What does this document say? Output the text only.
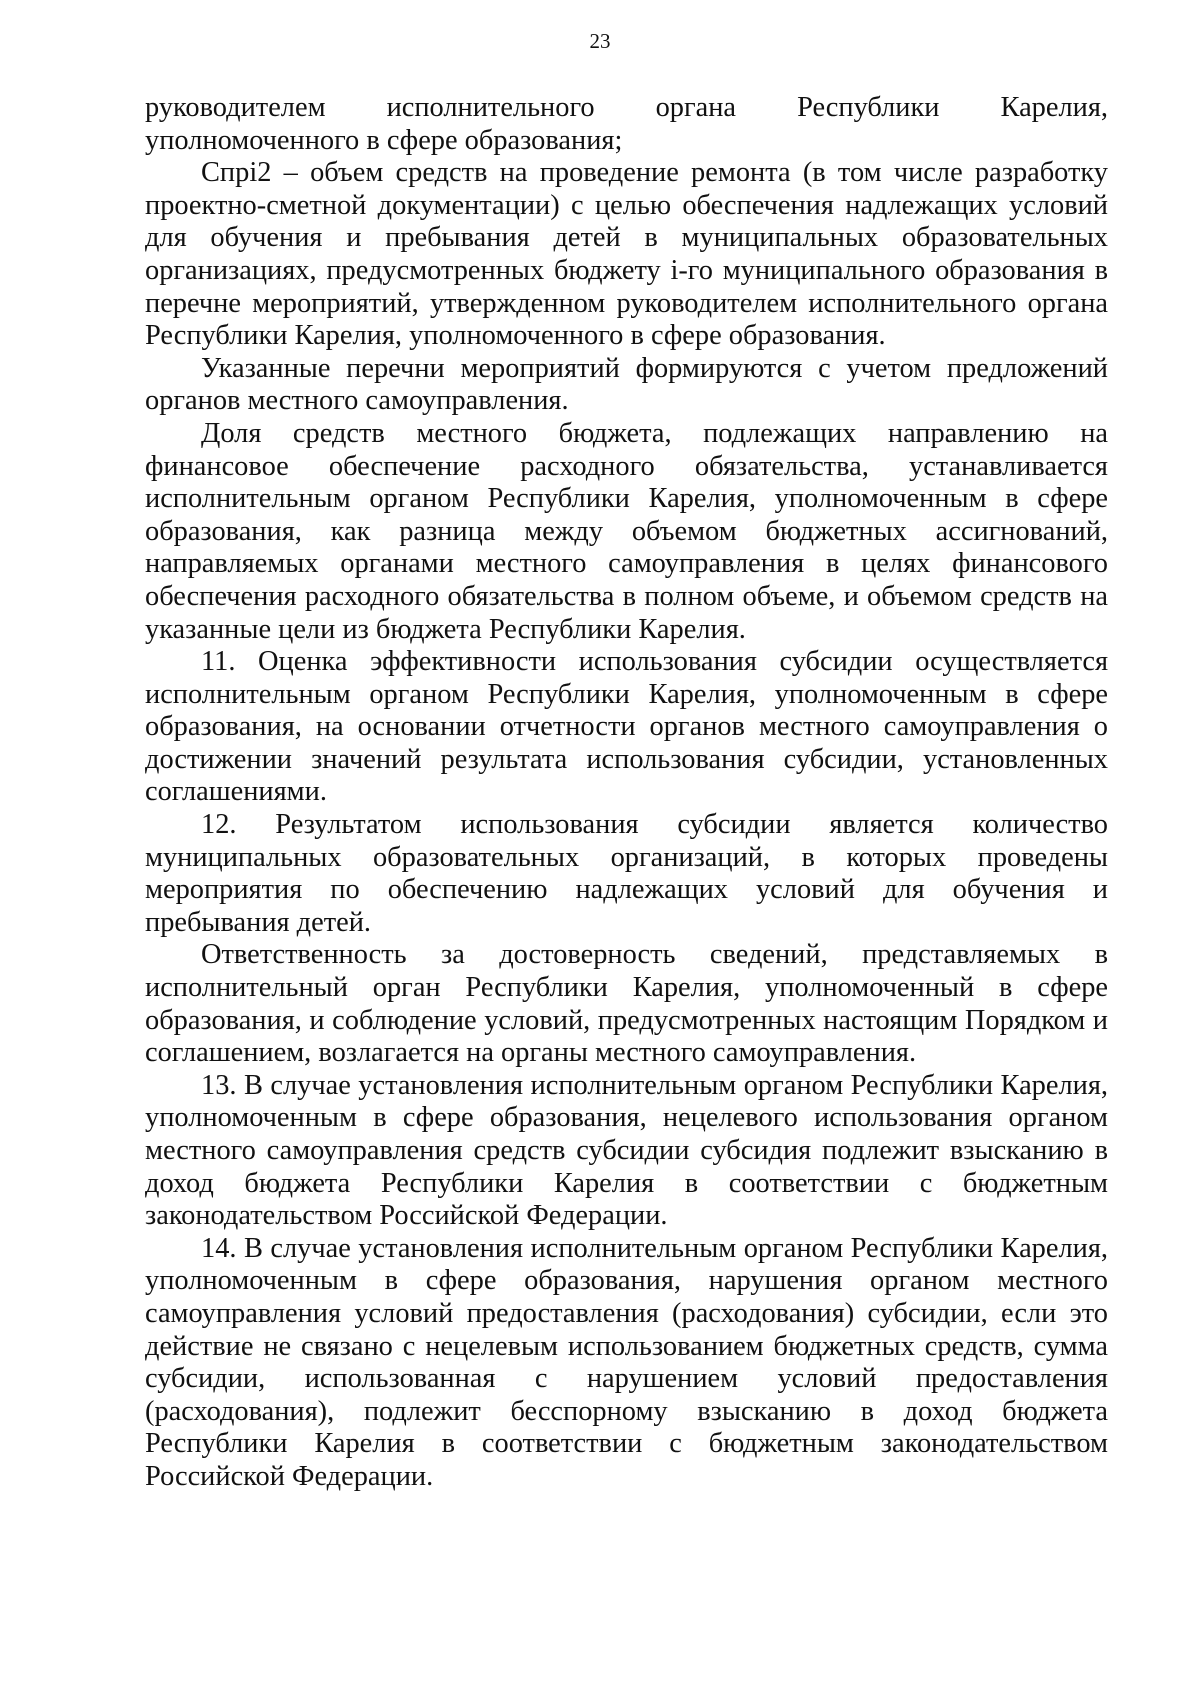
23

руководителем исполнительного органа Республики Карелия, уполномоченного в сфере образования;

Cпрi2 – объем средств на проведение ремонта (в том числе разработку проектно-сметной документации) с целью обеспечения надлежащих условий для обучения и пребывания детей в муниципальных образовательных организациях, предусмотренных бюджету i-го муниципального образования в перечне мероприятий, утвержденном руководителем исполнительного органа Республики Карелия, уполномоченного в сфере образования.

Указанные перечни мероприятий формируются с учетом предложений органов местного самоуправления.

Доля средств местного бюджета, подлежащих направлению на финансовое обеспечение расходного обязательства, устанавливается исполнительным органом Республики Карелия, уполномоченным в сфере образования, как разница между объемом бюджетных ассигнований, направляемых органами местного самоуправления в целях финансового обеспечения расходного обязательства в полном объеме, и объемом средств на указанные цели из бюджета Республики Карелия.

11. Оценка эффективности использования субсидии осуществляется исполнительным органом Республики Карелия, уполномоченным в сфере образования, на основании отчетности органов местного самоуправления о достижении значений результата использования субсидии, установленных соглашениями.

12. Результатом использования субсидии является количество муниципальных образовательных организаций, в которых проведены мероприятия по обеспечению надлежащих условий для обучения и пребывания детей.

Ответственность за достоверность сведений, представляемых в исполнительный орган Республики Карелия, уполномоченный в сфере образования, и соблюдение условий, предусмотренных настоящим Порядком и соглашением, возлагается на органы местного самоуправления.

13. В случае установления исполнительным органом Республики Карелия, уполномоченным в сфере образования, нецелевого использования органом местного самоуправления средств субсидии субсидия подлежит взысканию в доход бюджета Республики Карелия в соответствии с бюджетным законодательством Российской Федерации.

14. В случае установления исполнительным органом Республики Карелия, уполномоченным в сфере образования, нарушения органом местного самоуправления условий предоставления (расходования) субсидии, если это действие не связано с нецелевым использованием бюджетных средств, сумма субсидии, использованная с нарушением условий предоставления (расходования), подлежит бесспорному взысканию в доход бюджета Республики Карелия в соответствии с бюджетным законодательством Российской Федерации.
